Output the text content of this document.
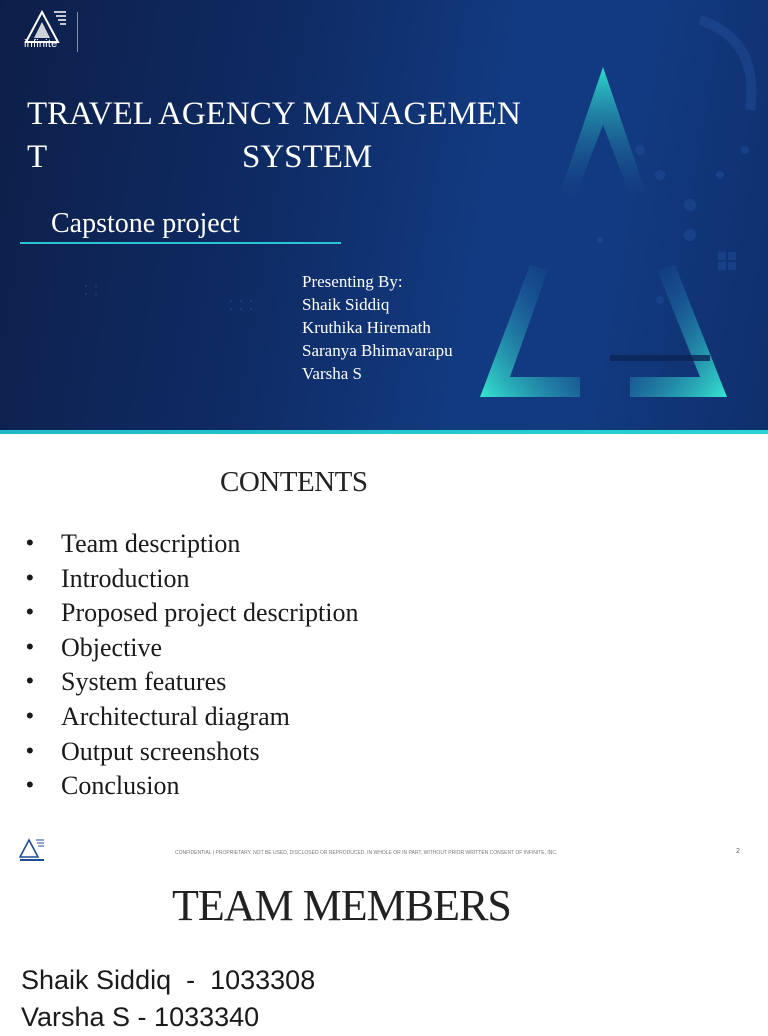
infinite
TRAVEL AGENCY MANAGEMEN
T	SYSTEM
Capstone project
Presenting By:
Shaik Siddiq
Kruthika Hiremath
Saranya Bhimavarapu
Varsha S
CONTENTS
• Team description
• Introduction
• Proposed project description
• Objective
• System features
• Architectural diagram
• Output screenshots
• Conclusion
CONFIDENTIAL | PROPRIETARY. NOT BE USED, DISCLOSED OR REPRODUCED, IN WHOLE OR IN PART, WITHOUT PRIOR WRITTEN CONSENT OF INFINITE, INC.	2
TEAM MEMBERS
Shaik Siddiq  -  1033308
Varsha S - 1033340
